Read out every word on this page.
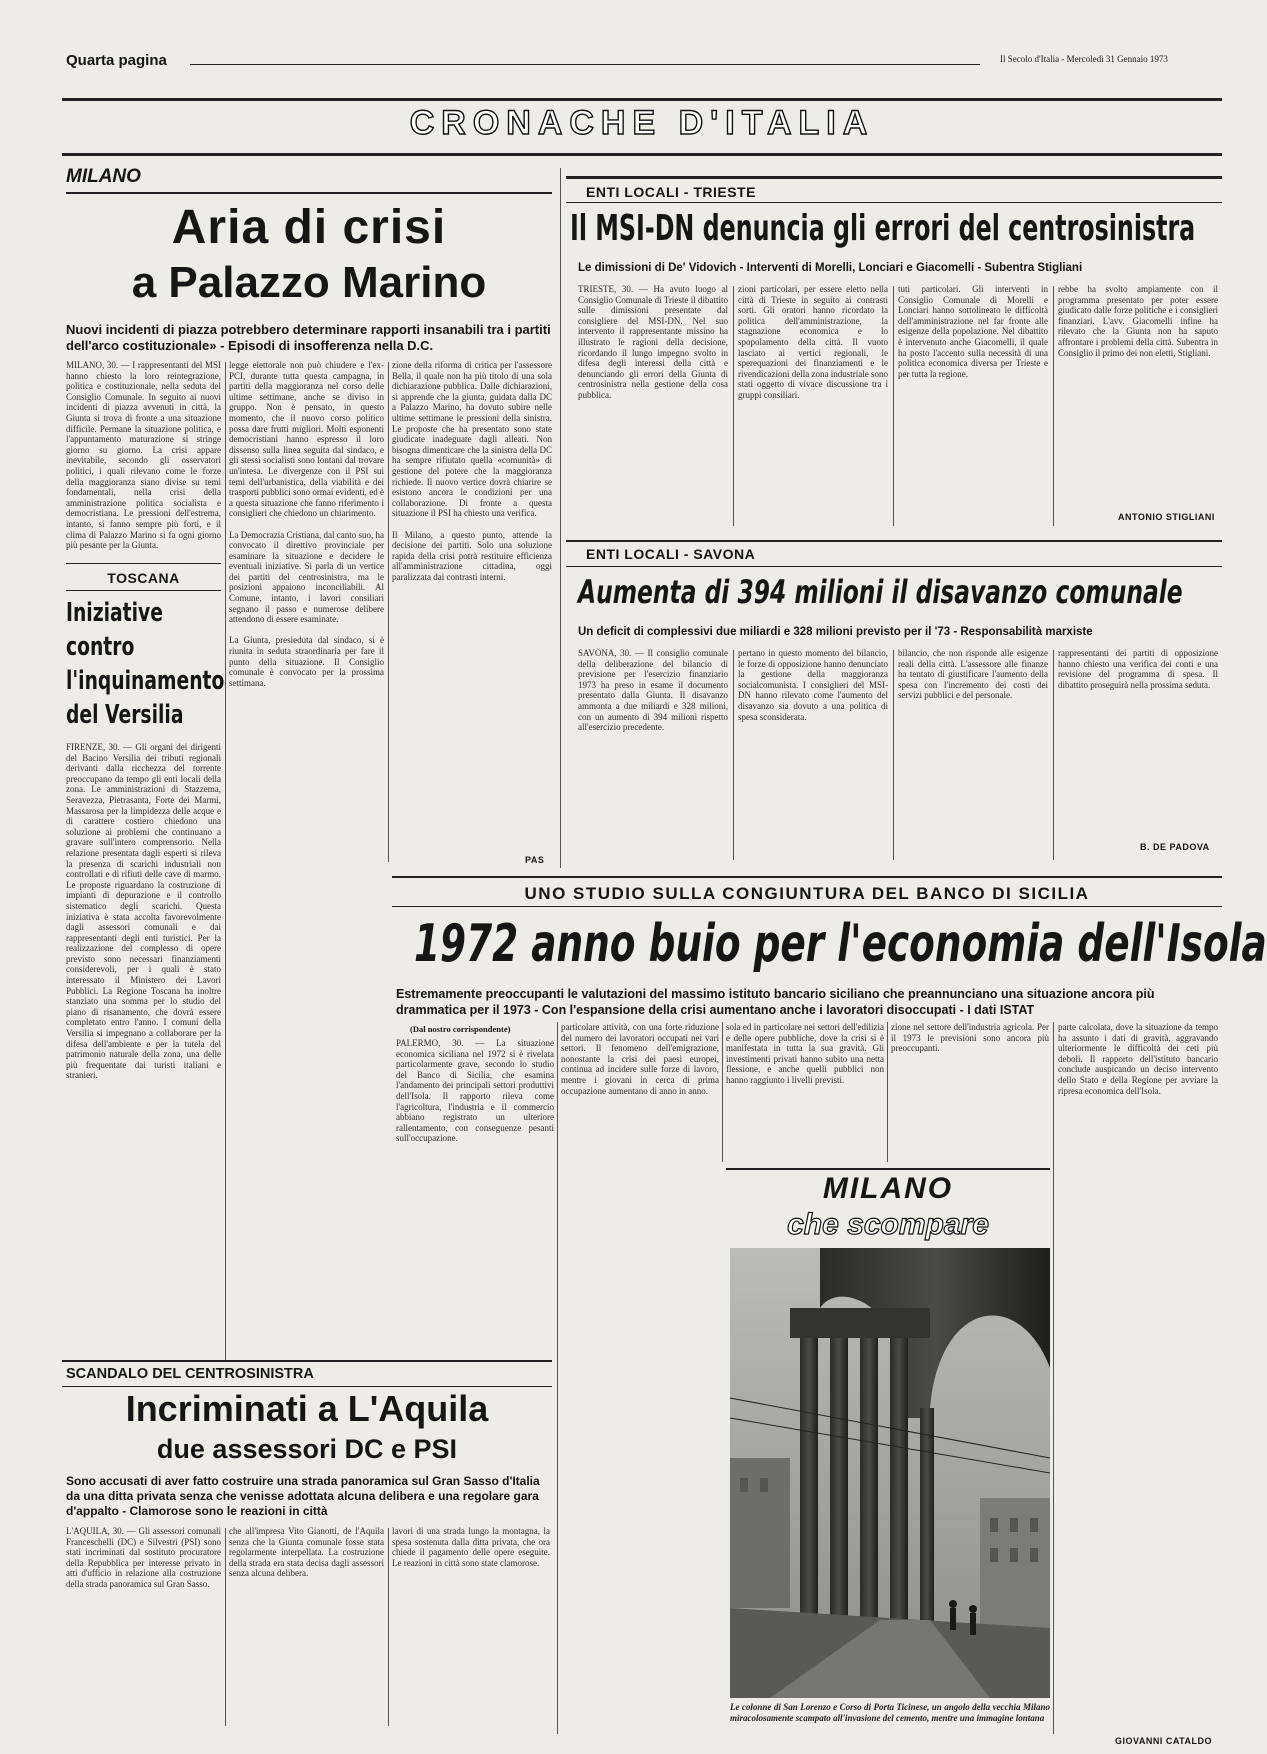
Quarta pagina	Il Secolo d'Italia - Mercoledì 31 Gennaio 1973
CRONACHE D'ITALIA
MILANO
Aria di crisi
a Palazzo Marino
Nuovi incidenti di piazza potrebbero determinare rapporti insanabili tra i partiti dell'arco costituzionale» - Episodi di insofferenza nella D.C.
MILANO, 30. — I rappresentanti del MSI hanno chiesto la loro reintegrazione, politica e costituzionale, nella seduta del Consiglio Comunale. In seguito ai nuovi incidenti di piazza avvenuti in città, la Giunta si trova di fronte a una situazione difficile. Permane la situazione politica, e l'appuntamento maturazione si stringe giorno su giorno. La crisi appare inevitabile, secondo gli osservatori politici, i quali rilevano come le forze della maggioranza siano divise su temi fondamentali, nella crisi della amministrazione politica socialista e democristiana. Le pressioni dell'estrema, intanto, si fanno sempre più forti, e il clima di Palazzo Marino si fa ogni giorno più pesante per la Giunta.
legge elettorale non può chiudere e l'ex-PCI, durante tutta questa campagna, in partiti della maggioranza nel corso delle ultime settimane, anche se diviso in gruppo. Non è pensato, in questo momento, che il nuovo corso politico possa dare frutti migliori. Molti esponenti democristiani hanno espresso il loro dissenso sulla linea seguita dal sindaco, e gli stessi socialisti sono lontani dal trovare un'intesa. Le divergenze con il PSI sui temi dell'urbanistica, della viabilità e dei trasporti pubblici sono ormai evidenti, ed è a questa situazione che fanno riferimento i consiglieri che chiedono un chiarimento.

La Democrazia Cristiana, dal canto suo, ha convocato il direttivo provinciale per esaminare la situazione e decidere le eventuali iniziative. Si parla di un vertice dei partiti del centrosinistra, ma le posizioni appaiono inconciliabili. Al Comune, intanto, i lavori consiliari segnano il passo e numerose delibere attendono di essere esaminate.

La Giunta, presieduta dal sindaco, si è riunita in seduta straordinaria per fare il punto della situazione. Il Consiglio comunale è convocato per la prossima settimana.
zione della riforma di critica per l'assessore Bella, il quale non ha più titolo di una sola dichiarazione pubblica. Dalle dichiarazioni, si apprende che la giunta, guidata dalla DC a Palazzo Marino, ha dovuto subire nelle ultime settimane le pressioni della sinistra. Le proposte che ha presentato sono state giudicate inadeguate dagli alleati. Non bisogna dimenticare che la sinistra della DC ha sempre rifiutato quella «comunità» di gestione del potere che la maggioranza richiede. Il nuovo vertice dovrà chiarire se esistono ancora le condizioni per una collaborazione. Di fronte a questa situazione il PSI ha chiesto una verifica.

Il Milano, a questo punto, attende la decisione dei partiti. Solo una soluzione rapida della crisi potrà restituire efficienza all'amministrazione cittadina, oggi paralizzata dai contrasti interni.
PAS
TOSCANA
Iniziative contro l'inquinamento del Versilia
FIRENZE, 30. — Gli organi dei dirigenti del Bacino Versilia dei tributi regionali derivanti dalla ricchezza del torrente preoccupano da tempo gli enti locali della zona. Le amministrazioni di Stazzema, Seravezza, Pietrasanta, Forte dei Marmi, Massarosa per la limpidezza delle acque e di carattere costiero chiedono una soluzione ai problemi che continuano a gravare sull'intero comprensorio. Nella relazione presentata dagli esperti si rileva la presenza di scarichi industriali non controllati e di rifiuti delle cave di marmo. Le proposte riguardano la costruzione di impianti di depurazione e il controllo sistematico degli scarichi. Questa iniziativa è stata accolta favorevolmente dagli assessori comunali e dai rappresentanti degli enti turistici. Per la realizzazione del complesso di opere previsto sono necessari finanziamenti considerevoli, per i quali è stato interessato il Ministero dei Lavori Pubblici. La Regione Toscana ha inoltre stanziato una somma per lo studio del piano di risanamento, che dovrà essere completato entro l'anno. I comuni della Versilia si impegnano a collaborare per la difesa dell'ambiente e per la tutela del patrimonio naturale della zona, una delle più frequentate dai turisti italiani e stranieri.
ENTI LOCALI - TRIESTE
Il MSI-DN denuncia gli errori del centrosinistra
Le dimissioni di De' Vidovich - Interventi di Morelli, Lonciari e Giacomelli - Subentra Stigliani
TRIESTE, 30. — Ha avuto luogo al Consiglio Comunale di Trieste il dibattito sulle dimissioni presentate dal consigliere del MSI-DN. Nel suo intervento il rappresentante missino ha illustrato le ragioni della decisione, ricordando il lungo impegno svolto in difesa degli interessi della città e denunciando gli errori della Giunta di centrosinistra nella gestione della cosa pubblica.
zioni particolari, per essere eletto nella città di Trieste in seguito ai contrasti sorti. Gli oratori hanno ricordato la politica dell'amministrazione, la stagnazione economica e lo spopolamento della città. Il vuoto lasciato ai vertici regionali, le sperequazioni dei finanziamenti e le rivendicazioni della zona industriale sono stati oggetto di vivace discussione tra i gruppi consiliari.
tuti particolari. Gli interventi in Consiglio Comunale di Morelli e Lonciari hanno sottolineato le difficoltà dell'amministrazione nel far fronte alle esigenze della popolazione. Nel dibattito è intervenuto anche Giacomelli, il quale ha posto l'accento sulla necessità di una politica economica diversa per Trieste e per tutta la regione.
rebbe ha svolto ampiamente con il programma presentato per poter essere giudicato dalle forze politiche e i consiglieri finanziari. L'avv. Giacomelli infine ha rilevato che la Giunta non ha saputo affrontare i problemi della città. Subentra in Consiglio il primo dei non eletti, Stigliani.
ANTONIO STIGLIANI
ENTI LOCALI - SAVONA
Aumenta di 394 milioni il disavanzo comunale
Un deficit di complessivi due miliardi e 328 milioni previsto per il '73 - Responsabilità marxiste
SAVONA, 30. — Il consiglio comunale della deliberazione del bilancio di previsione per l'esercizio finanziario 1973 ha preso in esame il documento presentato dalla Giunta. Il disavanzo ammonta a due miliardi e 328 milioni, con un aumento di 394 milioni rispetto all'esercizio precedente.
pertano in questo momento del bilancio, le forze di opposizione hanno denunciato la gestione della maggioranza socialcomunista. I consiglieri del MSI-DN hanno rilevato come l'aumento del disavanzo sia dovuto a una politica di spesa sconsiderata.
bilancio, che non risponde alle esigenze reali della città. L'assessore alle finanze ha tentato di giustificare l'aumento della spesa con l'incremento dei costi dei servizi pubblici e del personale.
rappresentanti dei partiti di opposizione hanno chiesto una verifica dei conti e una revisione del programma di spesa. Il dibattito proseguirà nella prossima seduta.
B. DE PADOVA
UNO STUDIO SULLA CONGIUNTURA DEL BANCO DI SICILIA
1972 anno buio per l'economia dell'Isola
Estremamente preoccupanti le valutazioni del massimo istituto bancario siciliano che preannunciano una situazione ancora più drammatica per il 1973 - Con l'espansione della crisi aumentano anche i lavoratori disoccupati - I dati ISTAT
(Dal nostro corrispondente)
PALERMO, 30. — La situazione economica siciliana nel 1972 si è rivelata particolarmente grave, secondo lo studio del Banco di Sicilia, che esamina l'andamento dei principali settori produttivi dell'Isola. Il rapporto rileva come l'agricoltura, l'industria e il commercio abbiano registrato un ulteriore rallentamento, con conseguenze pesanti sull'occupazione.
particolare attività, con una forte riduzione del numero dei lavoratori occupati nei vari settori. Il fenomeno dell'emigrazione, nonostante la crisi dei paesi europei, continua ad incidere sulle forze di lavoro, mentre i giovani in cerca di prima occupazione aumentano di anno in anno.
sola ed in particolare nei settori dell'edilizia e delle opere pubbliche, dove la crisi si è manifestata in tutta la sua gravità. Gli investimenti privati hanno subito una netta flessione, e anche quelli pubblici non hanno raggiunto i livelli previsti.
zione nel settore dell'industria agricola. Per il 1973 le previsioni sono ancora più preoccupanti.
parte calcolata, dove la situazione da tempo ha assunto i dati di gravità, aggravando ulteriormente le difficoltà dei ceti più deboli. Il rapporto dell'istituto bancario conclude auspicando un deciso intervento dello Stato e della Regione per avviare la ripresa economica dell'Isola.
GIOVANNI CATALDO
MILANO
che scompare
Le colonne di San Lorenzo e Corso di Porta Ticinese, un angolo della vecchia Milano miracolosamente scampato all'invasione del cemento, mentre una immagine lontana
SCANDALO DEL CENTROSINISTRA
Incriminati a L'Aquila
due assessori DC e PSI
Sono accusati di aver fatto costruire una strada panoramica sul Gran Sasso d'Italia da una ditta privata senza che venisse adottata alcuna delibera e una regolare gara d'appalto - Clamorose sono le reazioni in città
L'AQUILA, 30. — Gli assessori comunali Franceschelli (DC) e Silvestri (PSI) sono stati incriminati dal sostituto procuratore della Repubblica per interesse privato in atti d'ufficio in relazione alla costruzione della strada panoramica sul Gran Sasso.
che all'impresa Vito Gianotti, de l'Aquila senza che la Giunta comunale fosse stata regolarmente interpellata. La costruzione della strada era stata decisa dagli assessori senza alcuna delibera.
lavori di una strada lungo la montagna, la spesa sostenuta dalla ditta privata, che ora chiede il pagamento delle opere eseguite. Le reazioni in città sono state clamorose.
